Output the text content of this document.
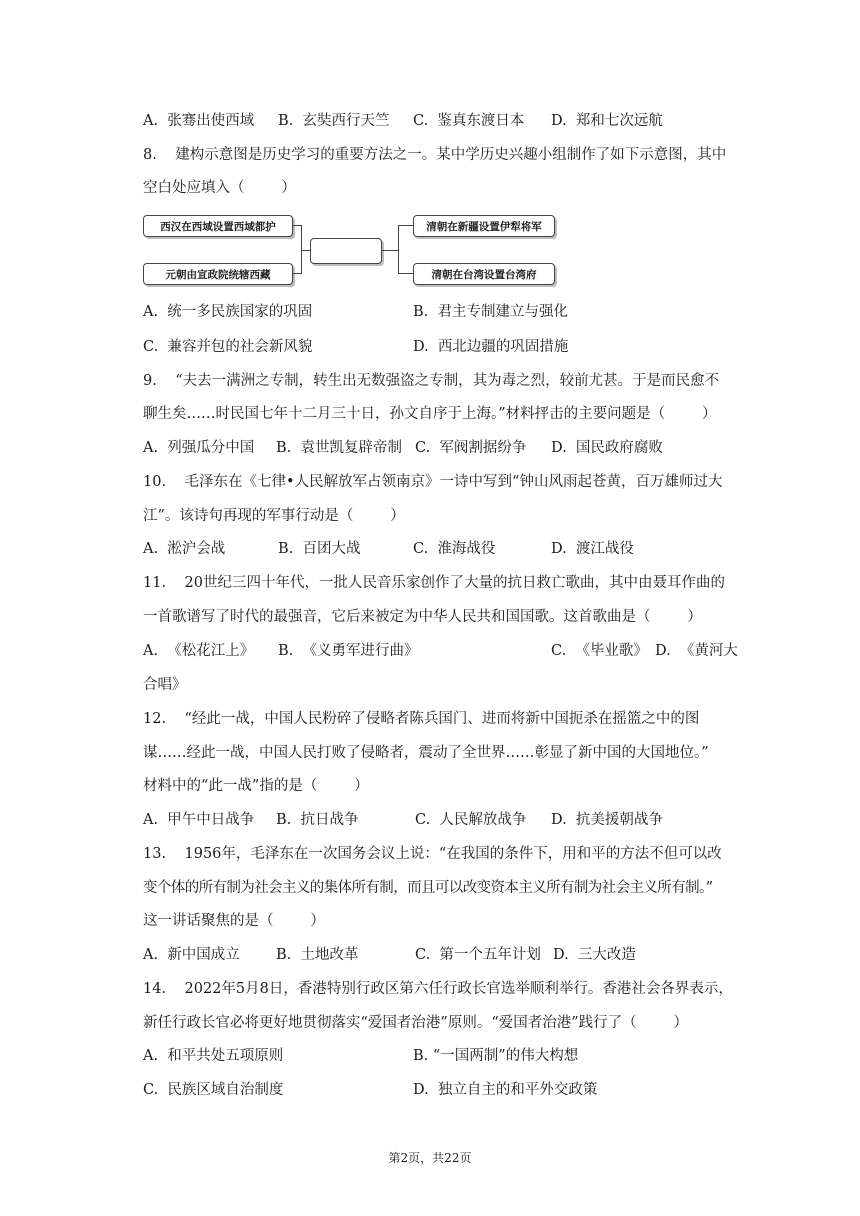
A.  张骞出使西域 B.  玄奘西行天竺 C.  鉴真东渡日本 D.  郑和七次远航
8.    建构示意图是历史学习的重要方法之一。某中学历史兴趣小组制作了如下示意图，其中
空白处应填入（        ）
西汉在西域设置西域都护
元朝由宣政院统辖西藏
清朝在新疆设置伊犁将军
清朝在台湾设置台湾府
A.  统一多民族国家的巩固	B.  君主专制建立与强化
C.  兼容并包的社会新风貌	D.  西北边疆的巩固措施
9.    “夫去一满洲之专制，转生出无数强盗之专制，其为毒之烈，较前尤甚。于是而民愈不
聊生矣……时民国七年十二月三十日，孙文自序于上海。”材料抨击的主要问题是（        ）
A.  列强瓜分中国 B.  袁世凯复辟帝制 C.  军阀割据纷争 D.  国民政府腐败
10.    毛泽东在《七律•人民解放军占领南京》一诗中写到“钟山风雨起苍黄，百万雄师过大
江”。该诗句再现的军事行动是（        ）
A.  淞沪会战	B.  百团大战	C.  淮海战役	D.  渡江战役
11.    20世纪三四十年代，一批人民音乐家创作了大量的抗日救亡歌曲，其中由聂耳作曲的
一首歌谱写了时代的最强音，它后来被定为中华人民共和国国歌。这首歌曲是（        ）
A.  《松花江上》 B.  《义勇军进行曲》	C.  《毕业歌》 D.  《黄河大
合唱》
12.    “经此一战，中国人民粉碎了侵略者陈兵国门、进而将新中国扼杀在摇篮之中的图
谋……经此一战，中国人民打败了侵略者，震动了全世界……彰显了新中国的大国地位。”
材料中的“此一战”指的是（        ）
A.  甲午中日战争 B.  抗日战争	C.  人民解放战争 D.  抗美援朝战争
13.    1956年，毛泽东在一次国务会议上说：“在我国的条件下，用和平的方法不但可以改
变个体的所有制为社会主义的集体所有制，而且可以改变资本主义所有制为社会主义所有制。”
这一讲话聚焦的是（        ）
A.  新中国成立 B.  土地改革	C.  第一个五年计划 D.  三大改造
14.    2022年5月8日，香港特别行政区第六任行政长官选举顺利举行。香港社会各界表示，
新任行政长官必将更好地贯彻落实“爱国者治港”原则。“爱国者治港”践行了（        ）
A.  和平共处五项原则	B. “一国两制”的伟大构想
C.  民族区域自治制度	D.  独立自主的和平外交政策
第2页，共22页
